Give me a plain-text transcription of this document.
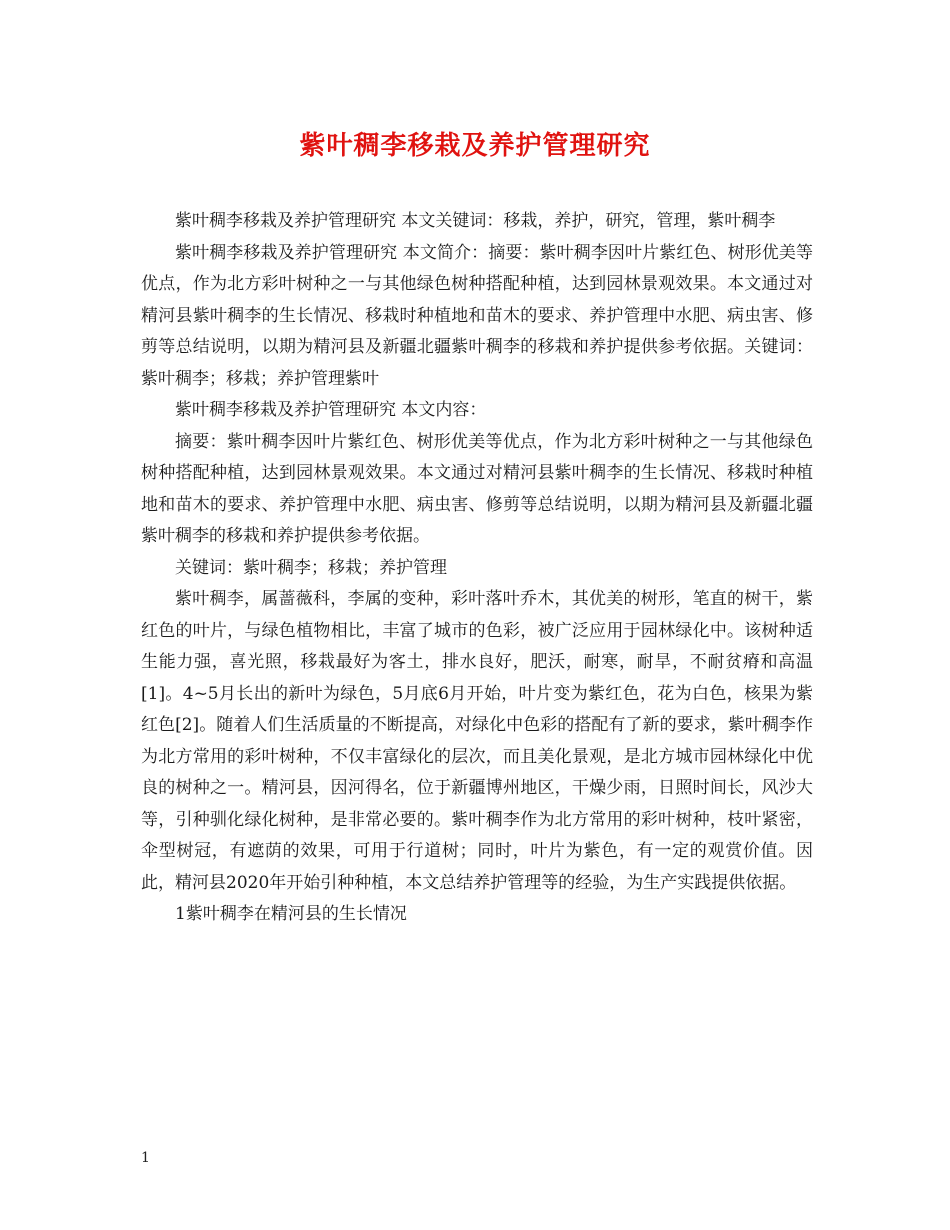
紫叶稠李移栽及养护管理研究

紫叶稠李移栽及养护管理研究 本文关键词：移栽，养护，研究，管理，紫叶稠李

紫叶稠李移栽及养护管理研究 本文简介：摘要：紫叶稠李因叶片紫红色、树形优美等优点，作为北方彩叶树种之一与其他绿色树种搭配种植，达到园林景观效果。本文通过对精河县紫叶稠李的生长情况、移栽时种植地和苗木的要求、养护管理中水肥、病虫害、修剪等总结说明，以期为精河县及新疆北疆紫叶稠李的移栽和养护提供参考依据。关键词：紫叶稠李；移栽；养护管理紫叶

紫叶稠李移栽及养护管理研究 本文内容：

摘要：紫叶稠李因叶片紫红色、树形优美等优点，作为北方彩叶树种之一与其他绿色树种搭配种植，达到园林景观效果。本文通过对精河县紫叶稠李的生长情况、移栽时种植地和苗木的要求、养护管理中水肥、病虫害、修剪等总结说明，以期为精河县及新疆北疆紫叶稠李的移栽和养护提供参考依据。

关键词：紫叶稠李；移栽；养护管理

紫叶稠李，属蔷薇科，李属的变种，彩叶落叶乔木，其优美的树形，笔直的树干，紫红色的叶片，与绿色植物相比，丰富了城市的色彩，被广泛应用于园林绿化中。该树种适生能力强，喜光照，移栽最好为客土，排水良好，肥沃，耐寒，耐旱，不耐贫瘠和高温[1]。4~5月长出的新叶为绿色，5月底6月开始，叶片变为紫红色，花为白色，核果为紫红色[2]。随着人们生活质量的不断提高，对绿化中色彩的搭配有了新的要求，紫叶稠李作为北方常用的彩叶树种，不仅丰富绿化的层次，而且美化景观，是北方城市园林绿化中优良的树种之一。精河县，因河得名，位于新疆博州地区，干燥少雨，日照时间长，风沙大等，引种驯化绿化树种，是非常必要的。紫叶稠李作为北方常用的彩叶树种，枝叶紧密，伞型树冠，有遮荫的效果，可用于行道树；同时，叶片为紫色，有一定的观赏价值。因此，精河县2020年开始引种种植，本文总结养护管理等的经验，为生产实践提供依据。

1紫叶稠李在精河县的生长情况

1
